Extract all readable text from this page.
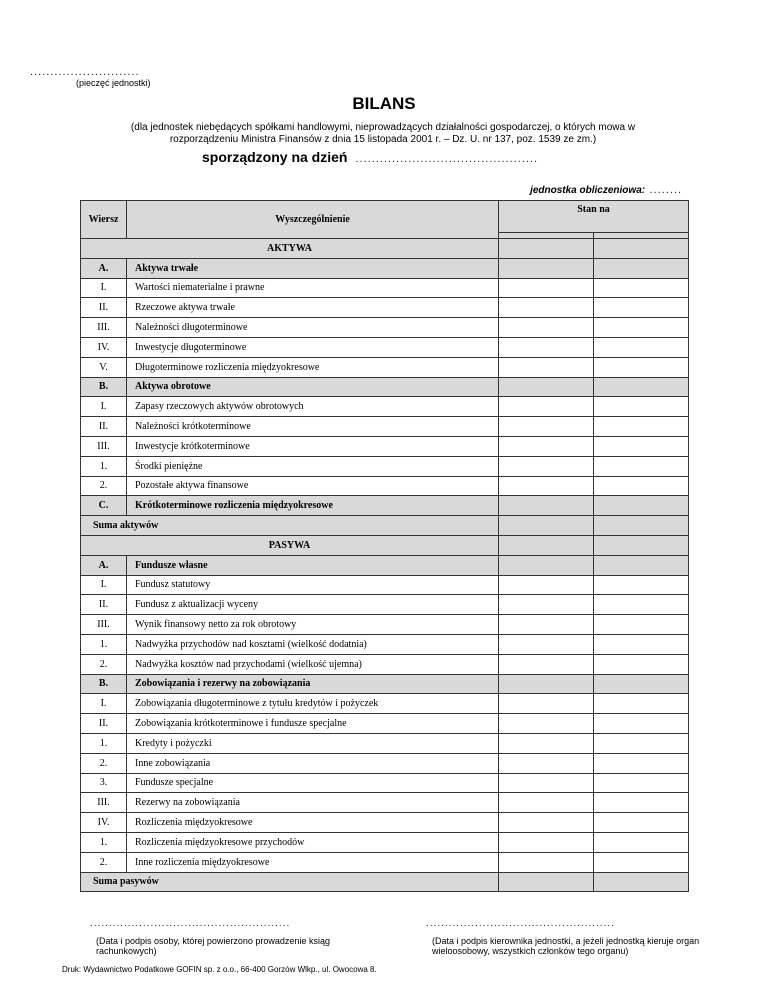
...........................
(pieczęć jednostki)
BILANS
(dla jednostek niebędących spółkami handlowymi, nieprowadzących działalności gospodarczej, o których mowa w rozporządzeniu Ministra Finansów z dnia 15 listopada 2001 r. – Dz. U. nr 137, poz. 1539 ze zm.)
sporządzony na dzień .............................................
jednostka obliczeniowa: ........
Wiersz	Wyszczególnienie	Stan na	

AKTYWA			
A.	Aktywa trwałe		
I.	Wartości niematerialne i prawne		
II.	Rzeczowe aktywa trwałe		
III.	Należności długoterminowe		
IV.	Inwestycje długoterminowe		
V.	Długoterminowe rozliczenia międzyokresowe		
B.	Aktywa obrotowe		
I.	Zapasy rzeczowych aktywów obrotowych		
II.	Należności krótkoterminowe		
III.	Inwestycje krótkoterminowe		
1.	Środki pieniężne		
2.	Pozostałe aktywa finansowe		
C.	Krótkoterminowe rozliczenia międzyokresowe		
Suma aktywów			
PASYWA			
A.	Fundusze własne		
I.	Fundusz statutowy		
II.	Fundusz z aktualizacji wyceny		
III.	Wynik finansowy netto za rok obrotowy		
1.	Nadwyżka przychodów nad kosztami (wielkość dodatnia)		
2.	Nadwyżka kosztów nad przychodami (wielkość ujemna)		
B.	Zobowiązania i rezerwy na zobowiązania		
I.	Zobowiązania długoterminowe z tytułu kredytów i pożyczek		
II.	Zobowiązania krótkoterminowe i fundusze specjalne		
1.	Kredyty i pożyczki		
2.	Inne zobowiązania		
3.	Fundusze specjalne		
III.	Rezerwy na zobowiązania		
IV.	Rozliczenia międzyokresowe		
1.	Rozliczenia międzyokresowe przychodów		
2.	Inne rozliczenia międzyokresowe		
Suma pasywów			
.....................................................
(Data i podpis osoby, której powierzono prowadzenie ksiąg rachunkowych)
..................................................
(Data i podpis kierownika jednostki, a jeżeli jednostką kieruje organ wieloosobowy, wszystkich członków tego organu)
Druk: Wydawnictwo Podatkowe GOFIN sp. z o.o., 66-400 Gorzów Wlkp., ul. Owocowa 8.
